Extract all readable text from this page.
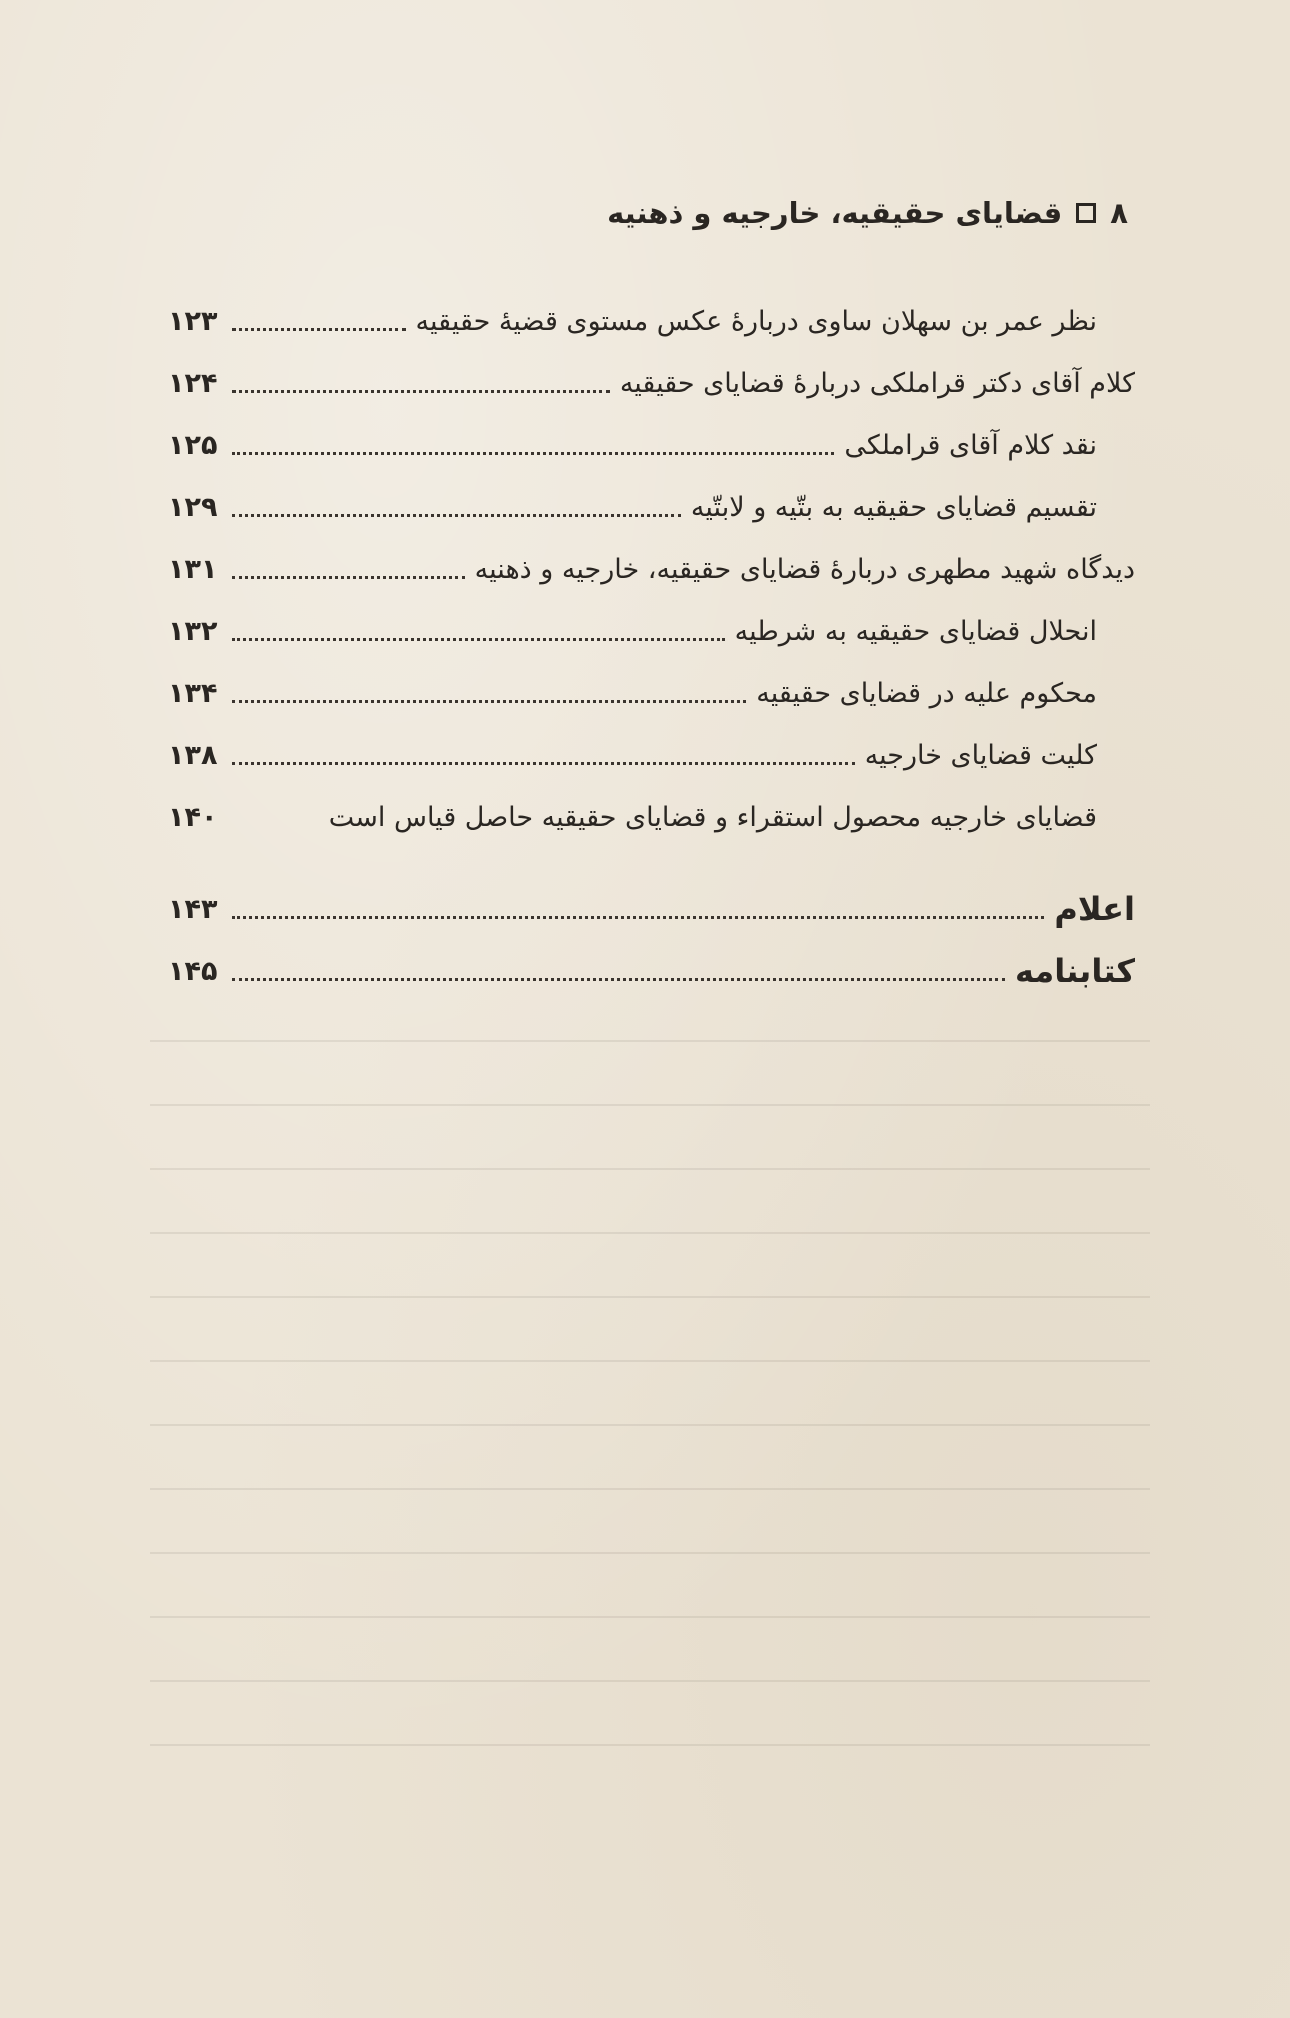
۸
قضایای حقیقیه، خارجیه و ذهنیه
نظر عمر بن سهلان ساوی دربارهٔ عکس مستوی قضیهٔ حقیقیه
۱۲۳
کلام آقای دکتر قراملکی دربارهٔ قضایای حقیقیه
۱۲۴
نقد کلام آقای قراملکی
۱۲۵
تقسیم قضایای حقیقیه به بتّیه و لابتّیه
۱۲۹
دیدگاه شهید مطهری دربارهٔ قضایای حقیقیه، خارجیه و ذهنیه
۱۳۱
انحلال قضایای حقیقیه به شرطیه
۱۳۲
محکوم علیه در قضایای حقیقیه
۱۳۴
کلیت قضایای خارجیه
۱۳۸
قضایای خارجیه محصول استقراء و قضایای حقیقیه حاصل قیاس است
۱۴۰
اعلام
۱۴۳
کتابنامه
۱۴۵
